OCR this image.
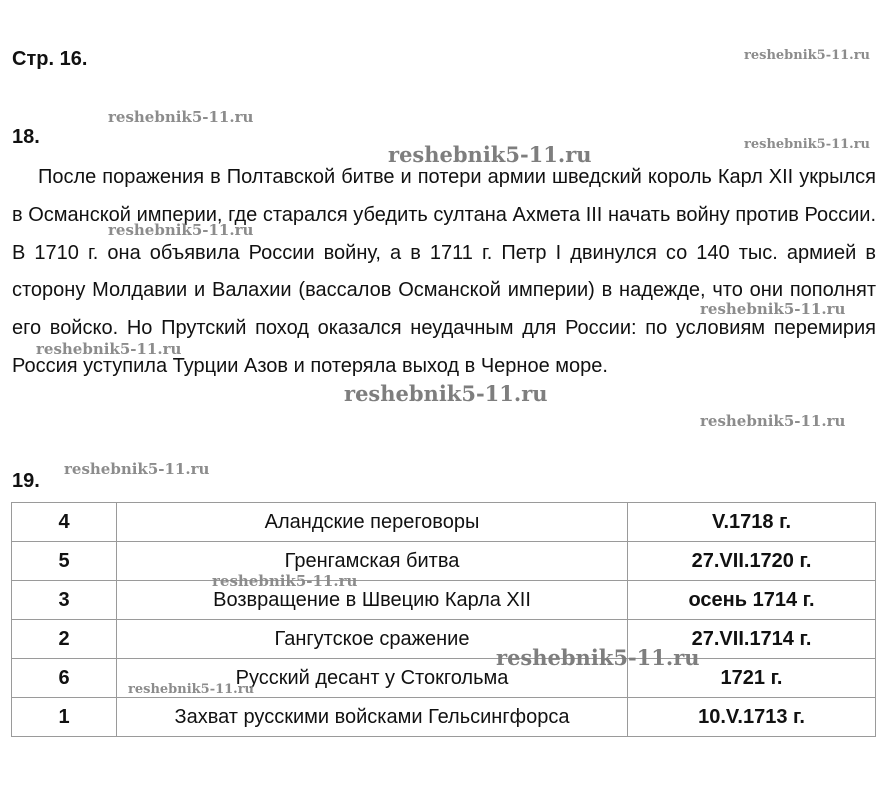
Стр. 16.
18.

После поражения в Полтавской битве и потери армии шведский король Карл XII укрылся в Османской империи, где старался убедить султана Ахмета III начать войну против России. В 1710 г. она объявила России войну, а в 1711 г. Петр I двинулся со 140 тыс. армией в сторону Молдавии и Валахии (вассалов Османской империи) в надежде, что они пополнят его войско. Но Прутский поход оказался неудачным для России: по условиям перемирия Россия уступила Турции Азов и потеряла выход в Черное море.

19.
4	Аландские переговоры	V.1718 г.
5	Гренгамская битва	27.VII.1720 г.
3	Возвращение в Швецию Карла XII	осень 1714 г.
2	Гангутское сражение	27.VII.1714 г.
6	Русский десант у Стокгольма	1721 г.
1	Захват русскими войсками Гельсингфорса	10.V.1713 г.
reshebnik5-11.ru
reshebnik5-11.ru
reshebnik5-11.ru
reshebnik5-11.ru
reshebnik5-11.ru
reshebnik5-11.ru
reshebnik5-11.ru
reshebnik5-11.ru
reshebnik5-11.ru
reshebnik5-11.ru
reshebnik5-11.ru
reshebnik5-11.ru
reshebnik5-11.ru
